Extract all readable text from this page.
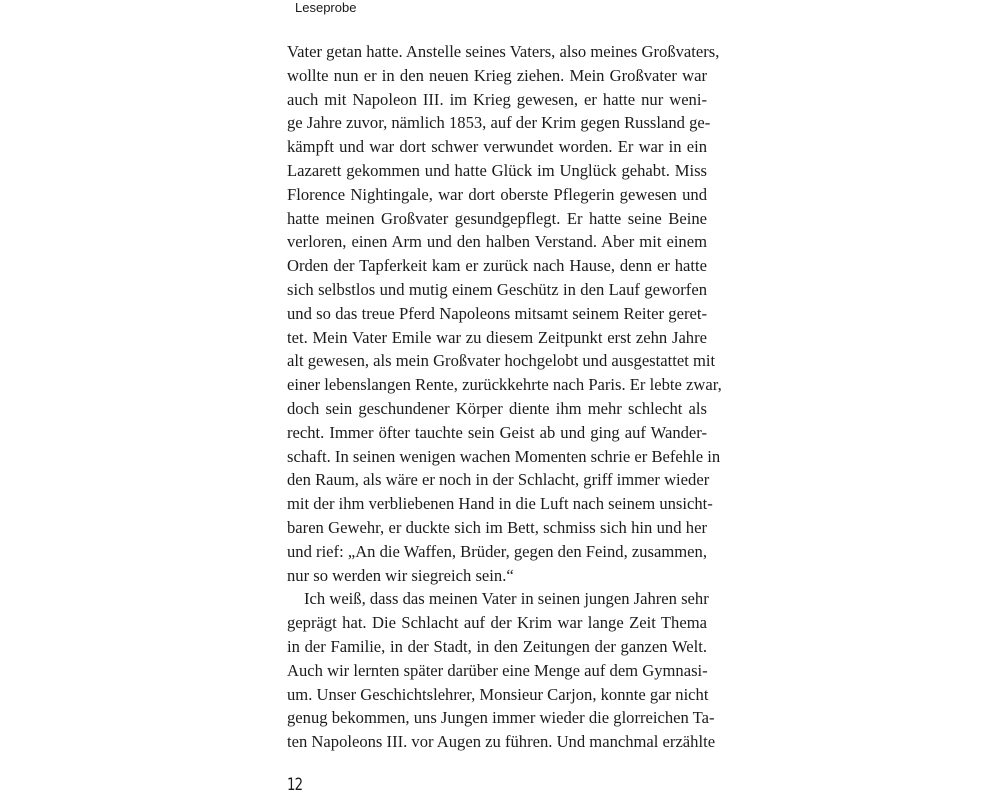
Leseprobe
Vater getan hatte. Anstelle seines Vaters, also meines Großvaters,
wollte nun er in den neuen Krieg ziehen. Mein Großvater war
auch mit Napoleon III. im Krieg gewesen, er hatte nur weni-
ge Jahre zuvor, nämlich 1853, auf der Krim gegen Russland ge-
kämpft und war dort schwer verwundet worden. Er war in ein
Lazarett gekommen und hatte Glück im Unglück gehabt. Miss
Florence Nightingale, war dort oberste Pflegerin gewesen und
hatte meinen Großvater gesundgepflegt. Er hatte seine Beine
verloren, einen Arm und den halben Verstand. Aber mit einem
Orden der Tapferkeit kam er zurück nach Hause, denn er hatte
sich selbstlos und mutig einem Geschütz in den Lauf geworfen
und so das treue Pferd Napoleons mitsamt seinem Reiter geret-
tet. Mein Vater Emile war zu diesem Zeitpunkt erst zehn Jahre
alt gewesen, als mein Großvater hochgelobt und ausgestattet mit
einer lebenslangen Rente, zurückkehrte nach Paris. Er lebte zwar,
doch sein geschundener Körper diente ihm mehr schlecht als
recht. Immer öfter tauchte sein Geist ab und ging auf Wander-
schaft. In seinen wenigen wachen Momenten schrie er Befehle in
den Raum, als wäre er noch in der Schlacht, griff immer wieder
mit der ihm verbliebenen Hand in die Luft nach seinem unsicht-
baren Gewehr, er duckte sich im Bett, schmiss sich hin und her
und rief: „An die Waffen, Brüder, gegen den Feind, zusammen,
nur so werden wir siegreich sein.“
Ich weiß, dass das meinen Vater in seinen jungen Jahren sehr
geprägt hat. Die Schlacht auf der Krim war lange Zeit Thema
in der Familie, in der Stadt, in den Zeitungen der ganzen Welt.
Auch wir lernten später darüber eine Menge auf dem Gymnasi-
um. Unser Geschichtslehrer, Monsieur Carjon, konnte gar nicht
genug bekommen, uns Jungen immer wieder die glorreichen Ta-
ten Napoleons III. vor Augen zu führen. Und manchmal erzählte
12
